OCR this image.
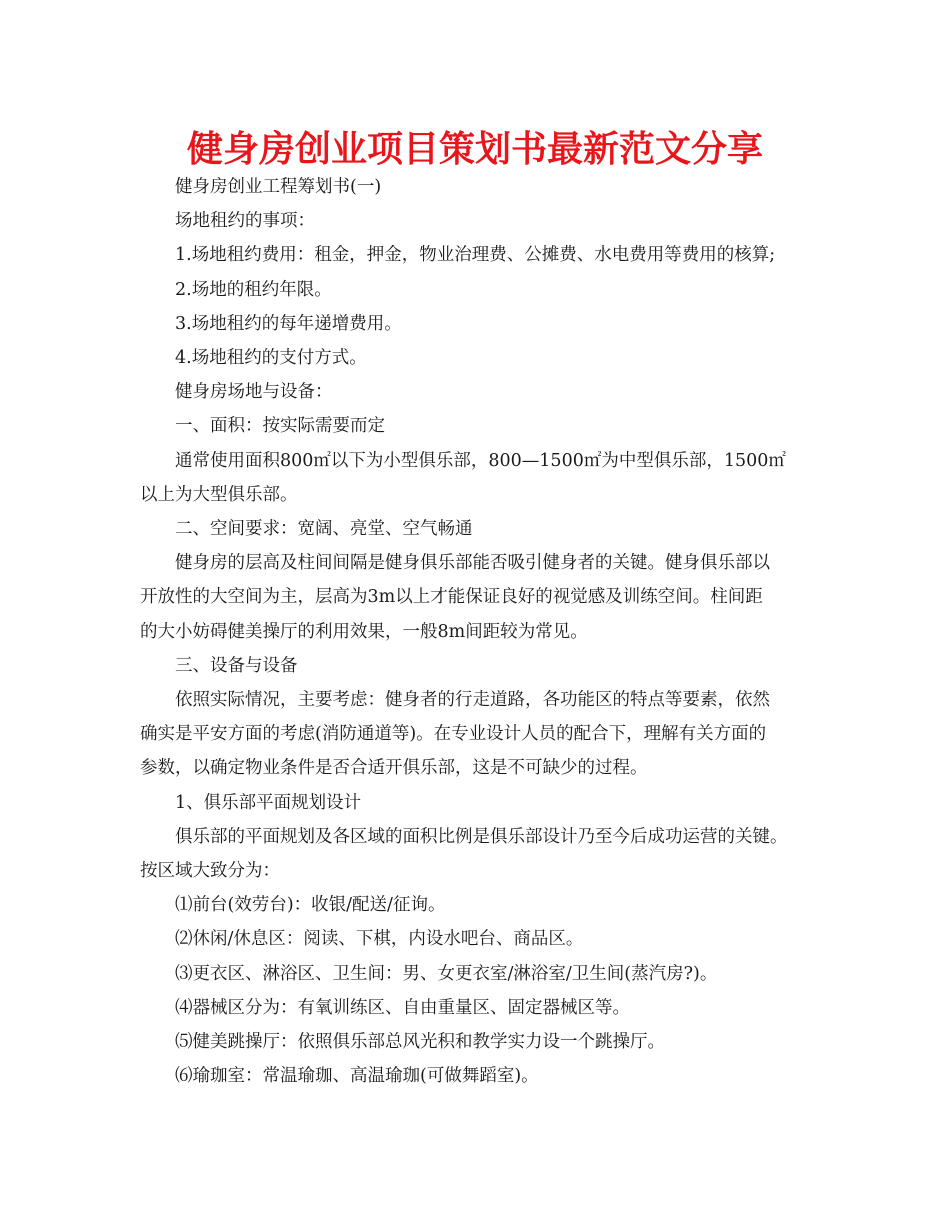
健身房创业项目策划书最新范文分享

健身房创业工程筹划书(一)

场地租约的事项：

1.场地租约费用：租金，押金，物业治理费、公摊费、水电费用等费用的核算;

2.场地的租约年限。

3.场地租约的每年递增费用。

4.场地租约的支付方式。

健身房场地与设备：

一、面积：按实际需要而定

通常使用面积800㎡以下为小型俱乐部，800—1500㎡为中型俱乐部，1500㎡

以上为大型俱乐部。

二、空间要求：宽阔、亮堂、空气畅通

健身房的层高及柱间间隔是健身俱乐部能否吸引健身者的关键。健身俱乐部以

开放性的大空间为主，层高为3m以上才能保证良好的视觉感及训练空间。柱间距

的大小妨碍健美操厅的利用效果，一般8m间距较为常见。

三、设备与设备

依照实际情况，主要考虑：健身者的行走道路，各功能区的特点等要素，依然

确实是平安方面的考虑(消防通道等)。在专业设计人员的配合下，理解有关方面的

参数，以确定物业条件是否合适开俱乐部，这是不可缺少的过程。

1、俱乐部平面规划设计

俱乐部的平面规划及各区域的面积比例是俱乐部设计乃至今后成功运营的关键。

按区域大致分为：

⑴前台(效劳台)：收银/配送/征询。

⑵休闲/休息区：阅读、下棋，内设水吧台、商品区。

⑶更衣区、淋浴区、卫生间：男、女更衣室/淋浴室/卫生间(蒸汽房?)。

⑷器械区分为：有氧训练区、自由重量区、固定器械区等。

⑸健美跳操厅：依照俱乐部总风光积和教学实力设一个跳操厅。

⑹瑜珈室：常温瑜珈、高温瑜珈(可做舞蹈室)。
